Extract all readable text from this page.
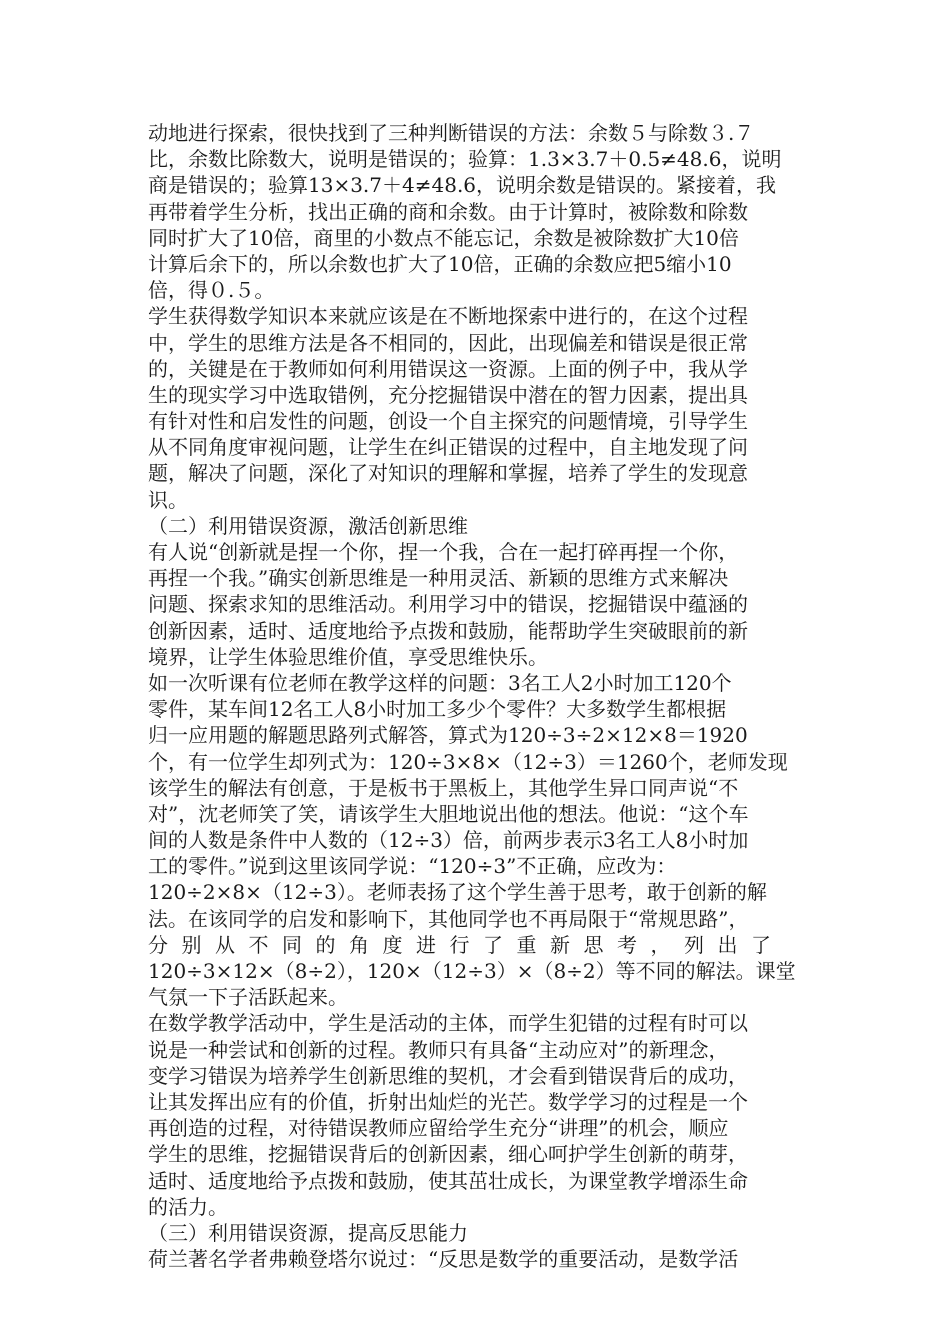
动地进行探索，很快找到了三种判断错误的方法：余数５与除数３.７
比，余数比除数大，说明是错误的；验算：1.3×3.7＋0.5≠48.6，说明
商是错误的；验算13×3.7＋4≠48.6，说明余数是错误的。紧接着，我
再带着学生分析，找出正确的商和余数。由于计算时，被除数和除数
同时扩大了10倍，商里的小数点不能忘记，余数是被除数扩大10倍
计算后余下的，所以余数也扩大了10倍，正确的余数应把5缩小10
倍，得０.５。
学生获得数学知识本来就应该是在不断地探索中进行的，在这个过程
中，学生的思维方法是各不相同的，因此，出现偏差和错误是很正常
的，关键是在于教师如何利用错误这一资源。上面的例子中，我从学
生的现实学习中选取错例，充分挖掘错误中潜在的智力因素，提出具
有针对性和启发性的问题，创设一个自主探究的问题情境，引导学生
从不同角度审视问题，让学生在纠正错误的过程中，自主地发现了问
题，解决了问题，深化了对知识的理解和掌握，培养了学生的发现意
识。
（二）利用错误资源，激活创新思维
有人说“创新就是捏一个你，捏一个我，合在一起打碎再捏一个你，
再捏一个我。”确实创新思维是一种用灵活、新颖的思维方式来解决
问题、探索求知的思维活动。利用学习中的错误，挖掘错误中蕴涵的
创新因素，适时、适度地给予点拨和鼓励，能帮助学生突破眼前的新
境界，让学生体验思维价值，享受思维快乐。
如一次听课有位老师在教学这样的问题：3名工人2小时加工120个
零件，某车间12名工人8小时加工多少个零件？大多数学生都根据
归一应用题的解题思路列式解答，算式为120÷3÷2×12×8＝1920
个，有一位学生却列式为：120÷3×8×（12÷3）＝1260个，老师发现
该学生的解法有创意，于是板书于黑板上，其他学生异口同声说“不
对”，沈老师笑了笑，请该学生大胆地说出他的想法。他说：“这个车
间的人数是条件中人数的（12÷3）倍，前两步表示3名工人8小时加
工的零件。”说到这里该同学说：“120÷3”不正确，应改为：
120÷2×8×（12÷3）。老师表扬了这个学生善于思考，敢于创新的解
法。在该同学的启发和影响下，其他同学也不再局限于“常规思路”，
分别从不同的角度进行了重新思考，列出了
120÷3×12×（8÷2），120×（12÷3）×（8÷2）等不同的解法。课堂
气氛一下子活跃起来。
在数学教学活动中，学生是活动的主体，而学生犯错的过程有时可以
说是一种尝试和创新的过程。教师只有具备“主动应对”的新理念，
变学习错误为培养学生创新思维的契机，才会看到错误背后的成功，
让其发挥出应有的价值，折射出灿烂的光芒。数学学习的过程是一个
再创造的过程，对待错误教师应留给学生充分“讲理”的机会，顺应
学生的思维，挖掘错误背后的创新因素，细心呵护学生创新的萌芽，
适时、适度地给予点拨和鼓励，使其茁壮成长，为课堂教学增添生命
的活力。
（三）利用错误资源，提高反思能力
荷兰著名学者弗赖登塔尔说过：“反思是数学的重要活动，是数学活
